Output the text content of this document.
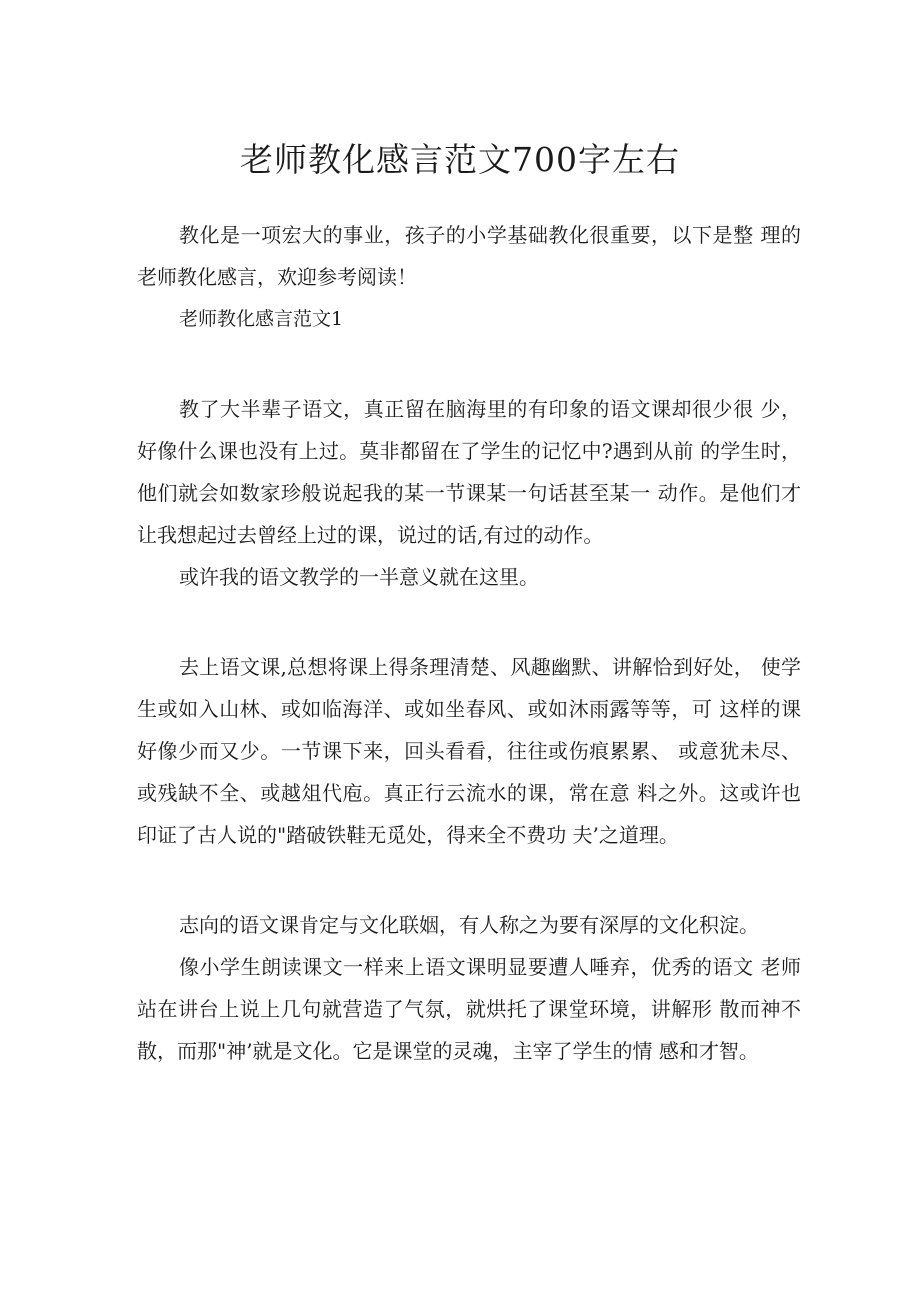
老师教化感言范文700字左右

教化是一项宏大的事业，孩子的小学基础教化很重要，以下是整 理的老师教化感言，欢迎参考阅读！

老师教化感言范文1

教了大半辈子语文，真正留在脑海里的有印象的语文课却很少很 少，好像什么课也没有上过。莫非都留在了学生的记忆中?遇到从前 的学生时，他们就会如数家珍般说起我的某一节课某一句话甚至某一 动作。是他们才让我想起过去曾经上过的课，说过的话,有过的动作。

或许我的语文教学的一半意义就在这里。

去上语文课,总想将课上得条理清楚、风趣幽默、讲解恰到好处， 使学生或如入山林、或如临海洋、或如坐春风、或如沐雨露等等，可 这样的课好像少而又少。一节课下来，回头看看，往往或伤痕累累、 或意犹未尽、或残缺不全、或越俎代庖。真正行云流水的课，常在意 料之外。这或许也印证了古人说的"踏破铁鞋无觅处，得来全不费功 夫’之道理。

志向的语文课肯定与文化联姻，有人称之为要有深厚的文化积淀。

像小学生朗读课文一样来上语文课明显要遭人唾弃，优秀的语文 老师站在讲台上说上几句就营造了气氛，就烘托了课堂环境，讲解形 散而神不散，而那"神’就是文化。它是课堂的灵魂，主宰了学生的情 感和才智。
